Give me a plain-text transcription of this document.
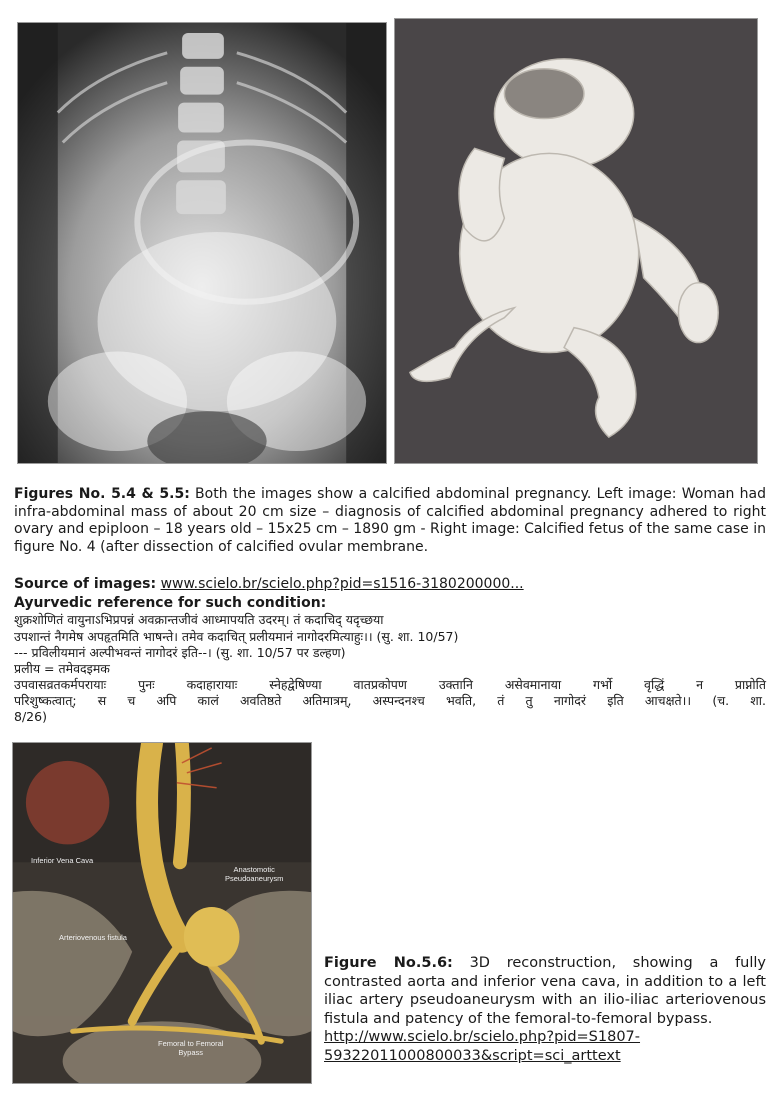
Figures No. 5.4 & 5.5: Both the images show a calcified abdominal pregnancy. Left image: Woman had infra-abdominal mass of about 20 cm size – diagnosis of calcified abdominal pregnancy adhered to right ovary and epiploon – 18 years old – 15x25 cm – 1890 gm - Right image: Calcified fetus of the same case in figure No. 4 (after dissection of calcified ovular membrane.
Source of images: www.scielo.br/scielo.php?pid=s1516-3180200000...
Ayurvedic reference for such condition:
शुक्रशोणितं वायुनाऽभिप्रपन्नं अवक्रान्तजीवं आध्मापयति उदरम्। तं कदाचिद् यदृच्छया
उपशान्तं नैगमेष अपहृतमिति भाषन्ते। तमेव कदाचित् प्रलीयमानं नागोदरमित्याहुः।। (सु. शा. 10/57)
--- प्रविलीयमानं अल्पीभवन्तं नागोदरं इति--। (सु. शा. 10/57 पर डल्हण)
प्रलीय = तमेवदइमक
उपवासव्रतकर्मपरायाः पुनः कदाहारायाः स्नेहद्वेषिण्या वातप्रकोपण उक्तानि असेवमानाया गर्भो वृद्धिं न प्राप्नोति
परिशुष्कत्वात्; स च अपि कालं अवतिष्ठते अतिमात्रम्, अस्पन्दनश्च भवति, तं तु नागोदरं इति आचक्षते।। (च. शा.
8/26)
Inferior Vena Cava
Anastomotic
Pseudoaneurysm
Arteriovenous fistula
Femoral to Femoral
Bypass
Figure No.5.6: 3D reconstruction, showing a fully contrasted aorta and inferior vena cava, in addition to a left iliac artery pseudoaneurysm with an ilio-iliac arteriovenous fistula and patency of the femoral-to-femoral bypass.
http://www.scielo.br/scielo.php?pid=S1807-
59322011000800033&script=sci_arttext
